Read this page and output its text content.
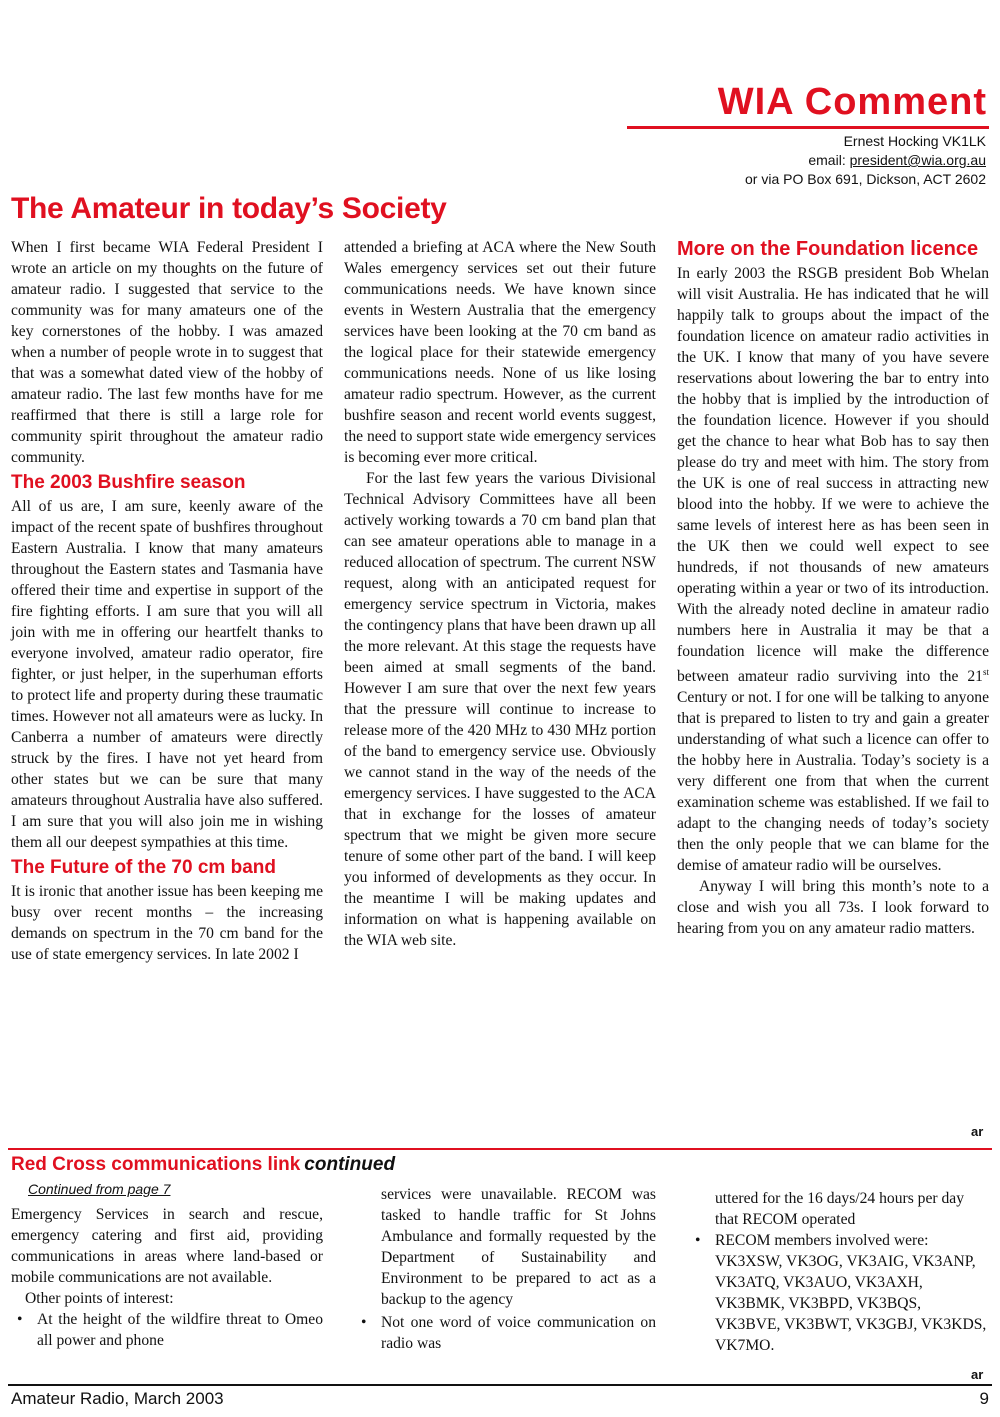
WIA Comment
Ernest Hocking VK1LK
email: president@wia.org.au
or via PO Box 691, Dickson, ACT 2602
The Amateur in today’s Society

When I first became WIA Federal President I wrote an article on my thoughts on the future of amateur radio. I suggested that service to the community was for many amateurs one of the key cornerstones of the hobby. I was amazed when a number of people wrote in to suggest that that was a somewhat dated view of the hobby of amateur radio. The last few months have for me reaffirmed that there is still a large role for community spirit throughout the amateur radio community.

The 2003 Bushfire season

All of us are, I am sure, keenly aware of the impact of the recent spate of bushfires throughout Eastern Australia. I know that many amateurs throughout the Eastern states and Tasmania have offered their time and expertise in support of the fire fighting efforts. I am sure that you will all join with me in offering our heartfelt thanks to everyone involved, amateur radio operator, fire fighter, or just helper, in the superhuman efforts to protect life and property during these traumatic times. However not all amateurs were as lucky. In Canberra a number of amateurs were directly struck by the fires. I have not yet heard from other states but we can be sure that many amateurs throughout Australia have also suffered. I am sure that you will also join me in wishing them all our deepest sympathies at this time.

The Future of the 70 cm band

It is ironic that another issue has been keeping me busy over recent months – the increasing demands on spectrum in the 70 cm band for the use of state emergency services. In late 2002 I

attended a briefing at ACA where the New South Wales emergency services set out their future communications needs. We have known since events in Western Australia that the emergency services have been looking at the 70 cm band as the logical place for their statewide emergency communications needs. None of us like losing amateur radio spectrum. However, as the current bushfire season and recent world events suggest, the need to support state wide emergency services is becoming ever more critical.

For the last few years the various Divisional Technical Advisory Committees have all been actively working towards a 70 cm band plan that can see amateur operations able to manage in a reduced allocation of spectrum. The current NSW request, along with an anticipated request for emergency service spectrum in Victoria, makes the contingency plans that have been drawn up all the more relevant. At this stage the requests have been aimed at small segments of the band. However I am sure that over the next few years that the pressure will continue to increase to release more of the 420 MHz to 430 MHz portion of the band to emergency service use. Obviously we cannot stand in the way of the needs of the emergency services. I have suggested to the ACA that in exchange for the losses of amateur spectrum that we might be given more secure tenure of some other part of the band. I will keep you informed of developments as they occur. In the meantime I will be making updates and information on what is happening available on the WIA web site.

More on the Foundation licence

In early 2003 the RSGB president Bob Whelan will visit Australia. He has indicated that he will happily talk to groups about the impact of the foundation licence on amateur radio activities in the UK. I know that many of you have severe reservations about lowering the bar to entry into the hobby that is implied by the introduction of the foundation licence. However if you should get the chance to hear what Bob has to say then please do try and meet with him. The story from the UK is one of real success in attracting new blood into the hobby. If we were to achieve the same levels of interest here as has been seen in the UK then we could well expect to see hundreds, if not thousands of new amateurs operating within a year or two of its introduction. With the already noted decline in amateur radio numbers here in Australia it may be that a foundation licence will make the difference between amateur radio surviving into the 21st Century or not. I for one will be talking to anyone that is prepared to listen to try and gain a greater understanding of what such a licence can offer to the hobby here in Australia. Today’s society is a very different one from that when the current examination scheme was established. If we fail to adapt to the changing needs of today’s society then the only people that we can blame for the demise of amateur radio will be ourselves.

Anyway I will bring this month’s note to a close and wish you all 73s. I look forward to hearing from you on any amateur radio matters.

ar
Red Cross communications link continued
Continued from page 7

Emergency Services in search and rescue, emergency catering and first aid, providing communications in areas where land-based or mobile communications are not available.

Other points of interest:

• At the height of the wildfire threat to Omeo all power and phone

services were unavailable. RECOM was tasked to handle traffic for St Johns Ambulance and formally requested by the Department of Sustainability and Environment to be prepared to act as a backup to the agency

• Not one word of voice communication on radio was

uttered for the 16 days/24 hours per day that RECOM operated

• RECOM members involved were: VK3XSW, VK3OG, VK3AIG, VK3ANP, VK3ATQ, VK3AUO, VK3AXH, VK3BMK, VK3BPD, VK3BQS, VK3BVE, VK3BWT, VK3GBJ, VK3KDS, VK7MO.
ar
Amateur Radio, March 2003	9
